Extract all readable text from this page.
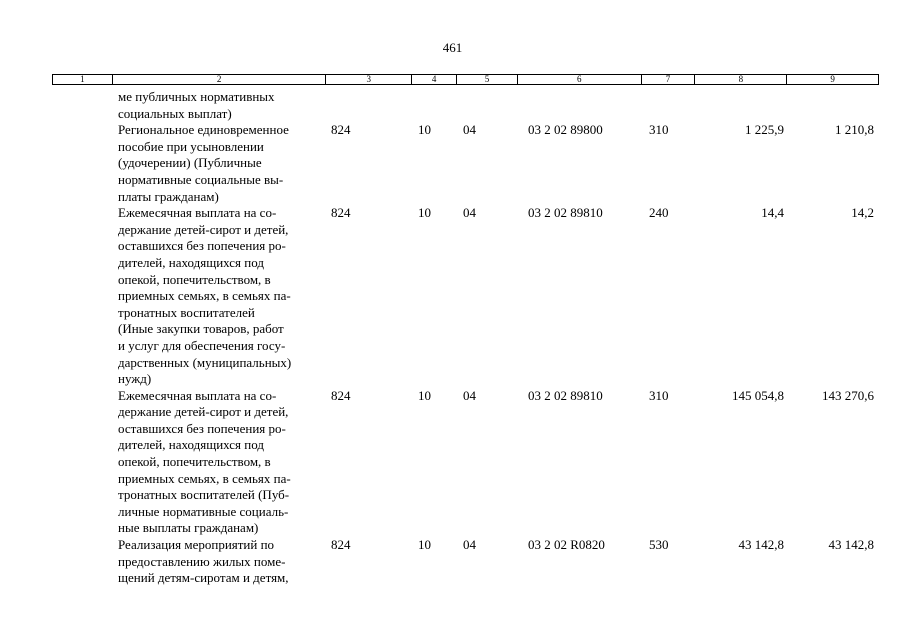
461
1	2	3	4	5	6	7	8	9
ме публичных нормативных
социальных выплат)
Региональное единовременное
пособие при усыновлении
(удочерении) (Публичные
нормативные социальные вы-
платы гражданам)
824	10 04	03 2 02 89800	310	1 225,9	1 210,8
Ежемесячная выплата на со-
держание детей-сирот и детей,
оставшихся без попечения ро-
дителей, находящихся под
опекой, попечительством, в
приемных семьях, в семьях па-
тронатных воспитателей
(Иные закупки товаров, работ
и услуг для обеспечения госу-
дарственных (муниципальных)
нужд)
824	10 04	03 2 02 89810	240	14,4	14,2
Ежемесячная выплата на со-
держание детей-сирот и детей,
оставшихся без попечения ро-
дителей, находящихся под
опекой, попечительством, в
приемных семьях, в семьях па-
тронатных воспитателей (Пуб-
личные нормативные социаль-
ные выплаты гражданам)
824	10 04	03 2 02 89810	310	145 054,8	143 270,6
Реализация мероприятий по
предоставлению жилых поме-
щений детям-сиротам и детям,
824	10 04	03 2 02 R0820	530	43 142,8	43 142,8
